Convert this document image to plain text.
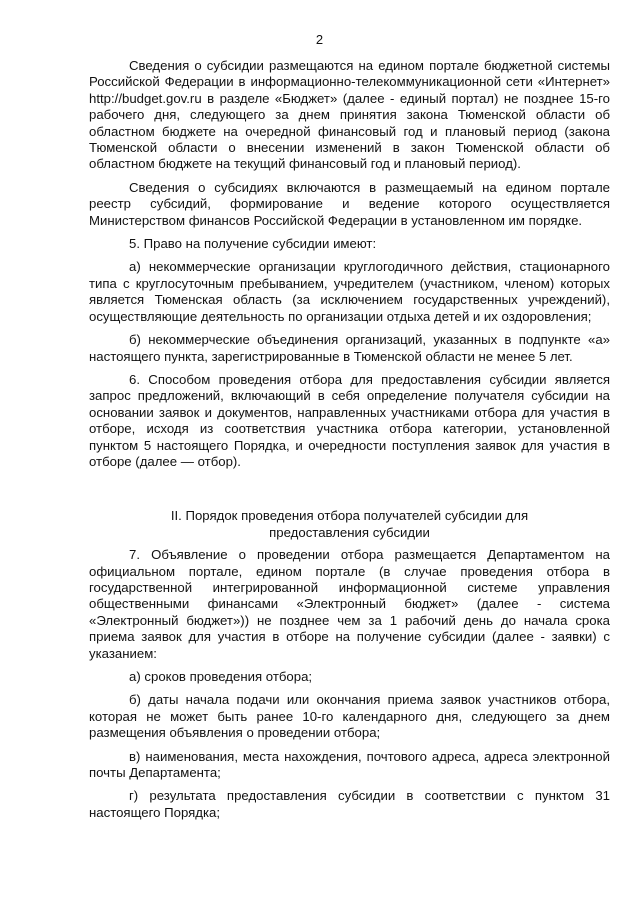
2

Сведения о субсидии размещаются на едином портале бюджетной системы Российской Федерации в информационно-телекоммуникационной сети «Интернет» http://budget.gov.ru в разделе «Бюджет» (далее - единый портал) не позднее 15-го рабочего дня, следующего за днем принятия закона Тюменской области об областном бюджете на очередной финансовый год и плановый период (закона Тюменской области о внесении изменений в закон Тюменской области об областном бюджете на текущий финансовый год и плановый период).

Сведения о субсидиях включаются в размещаемый на едином портале реестр субсидий, формирование и ведение которого осуществляется Министерством финансов Российской Федерации в установленном им порядке.

5. Право на получение субсидии имеют:

а) некоммерческие организации круглогодичного действия, стационарного типа с круглосуточным пребыванием, учредителем (участником, членом) которых является Тюменская область (за исключением государственных учреждений), осуществляющие деятельность по организации отдыха детей и их оздоровления;

б) некоммерческие объединения организаций, указанных в подпункте «а» настоящего пункта, зарегистрированные в Тюменской области не менее 5 лет.

6. Способом проведения отбора для предоставления субсидии является запрос предложений, включающий в себя определение получателя субсидии на основании заявок и документов, направленных участниками отбора для участия в отборе, исходя из соответствия участника отбора категории, установленной пунктом 5 настоящего Порядка, и очередности поступления заявок для участия в отборе (далее — отбор).

II. Порядок проведения отбора получателей субсидии для
предоставления субсидии

7. Объявление о проведении отбора размещается Департаментом на официальном портале, едином портале (в случае проведения отбора в государственной интегрированной информационной системе управления общественными финансами «Электронный бюджет» (далее - система «Электронный бюджет»)) не позднее чем за 1 рабочий день до начала срока приема заявок для участия в отборе на получение субсидии (далее - заявки) с указанием:

а) сроков проведения отбора;

б) даты начала подачи или окончания приема заявок участников отбора, которая не может быть ранее 10-го календарного дня, следующего за днем размещения объявления о проведении отбора;

в) наименования, места нахождения, почтового адреса, адреса электронной почты Департамента;

г) результата предоставления субсидии в соответствии с пунктом 31 настоящего Порядка;
